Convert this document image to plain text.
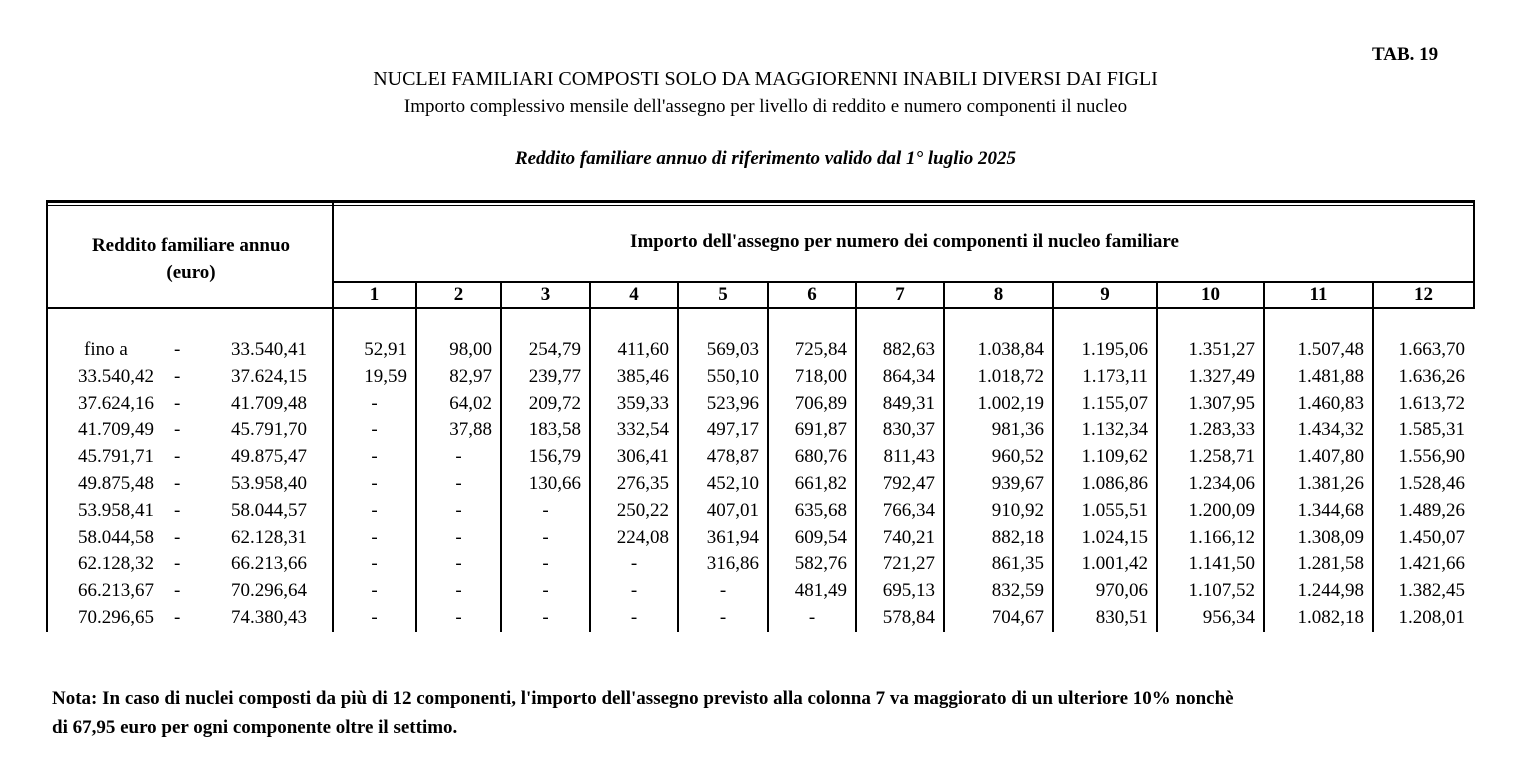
TAB. 19
NUCLEI FAMILIARI COMPOSTI SOLO DA MAGGIORENNI INABILI DIVERSI DAI FIGLI
Importo complessivo mensile dell'assegno per livello di reddito e numero componenti il nucleo
Reddito familiare annuo di riferimento valido dal 1° luglio 2025
Reddito familiare annuo
(euro)
Importo dell'assegno per numero dei componenti il nucleo familiare
1	2	3	4	5	6	7	8	9	10	11	12
fino a -	33.540,41	52,91	98,00	254,79	411,60	569,03	725,84	882,63	1.038,84	1.195,06	1.351,27	1.507,48	1.663,70
33.540,42 -	37.624,15	19,59	82,97	239,77	385,46	550,10	718,00	864,34	1.018,72	1.173,11	1.327,49	1.481,88	1.636,26
37.624,16 -	41.709,48	-	64,02	209,72	359,33	523,96	706,89	849,31	1.002,19	1.155,07	1.307,95	1.460,83	1.613,72
41.709,49 -	45.791,70	-	37,88	183,58	332,54	497,17	691,87	830,37	981,36	1.132,34	1.283,33	1.434,32	1.585,31
45.791,71 -	49.875,47	-	-	156,79	306,41	478,87	680,76	811,43	960,52	1.109,62	1.258,71	1.407,80	1.556,90
49.875,48 -	53.958,40	-	-	130,66	276,35	452,10	661,82	792,47	939,67	1.086,86	1.234,06	1.381,26	1.528,46
53.958,41 -	58.044,57	-	-	-	250,22	407,01	635,68	766,34	910,92	1.055,51	1.200,09	1.344,68	1.489,26
58.044,58 -	62.128,31	-	-	-	224,08	361,94	609,54	740,21	882,18	1.024,15	1.166,12	1.308,09	1.450,07
62.128,32 -	66.213,66	-	-	-	-	316,86	582,76	721,27	861,35	1.001,42	1.141,50	1.281,58	1.421,66
66.213,67 -	70.296,64	-	-	-	-	-	481,49	695,13	832,59	970,06	1.107,52	1.244,98	1.382,45
70.296,65 -	74.380,43	-	-	-	-	-	-	578,84	704,67	830,51	956,34	1.082,18	1.208,01
Nota: In caso di nuclei composti da più di 12 componenti, l'importo dell'assegno previsto alla colonna 7 va maggiorato di un ulteriore 10% nonchè
di 67,95 euro per ogni componente oltre il settimo.
